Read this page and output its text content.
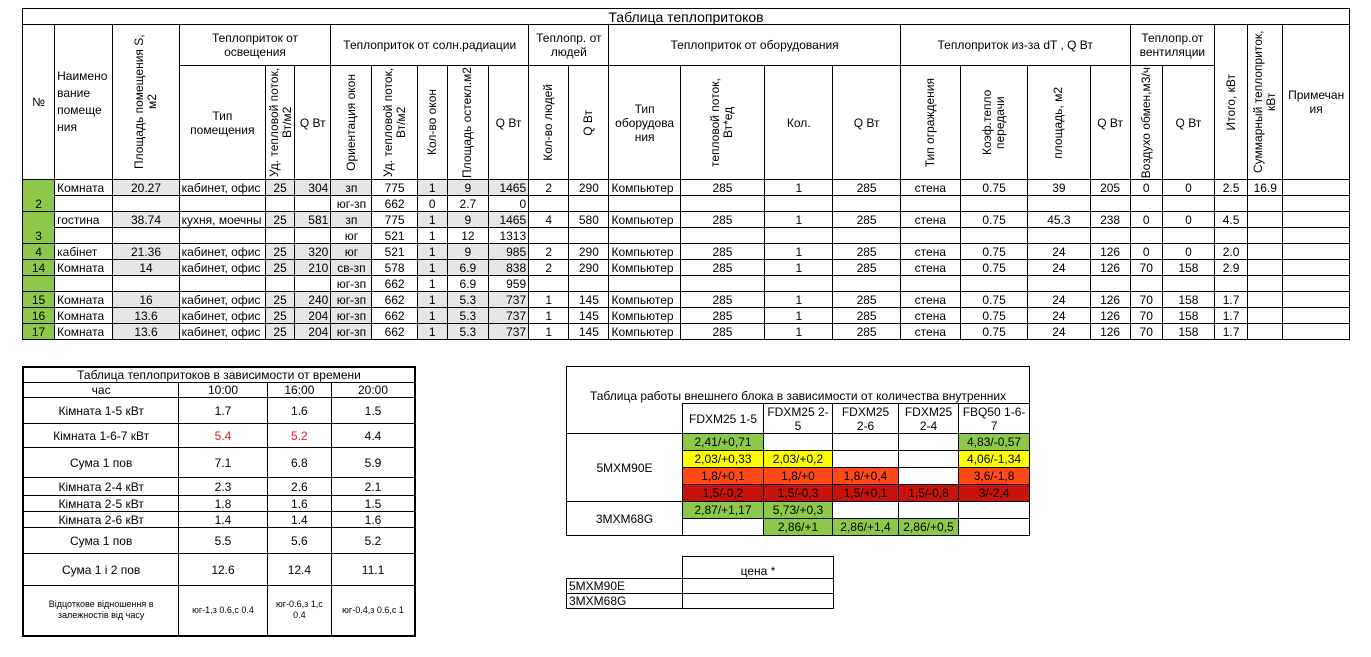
Таблица теплопритоков																									
№	Наимено вание помеще ния	Площадь помещения S, м2	Теплоприток от освещения			Теплоприток от солн.радиации					Теплопр. от людей		Теплоприток от оборудования				Теплоприток из-за dT , Q Вт				Теплопр.от вентиляции		Итого, кВт	Суммарный теплоприток, кВт	Примечан ия
			Тип помещения	Уд. тепловой поток, Вт/м2	Q Вт	Ориентация окон	Уд. тепловой поток, Вт/м2	Кол-во окон	Площадь остекл.м2	Q Вт	Кол-во людей	Q Вт	Тип оборудова ния	тепловой поток, Вт*ед	Кол.	Q Вт	Тип ограждения	Коэф.тепло передачи	площадь, м2	Q Вт	Воздухо обмен,м3/ч	Q Вт			
2	Комната	20.27	кабинет, офис	25	304	зп	775	1	9	1465	2	290	Компьютер	285	1	285	стена	0.75	39	205	0	0	2.5	16.9	
						юг-зп	662	0	2.7	0															
3	гостина	38.74	кухня, моечны	25	581	зп	775	1	9	1465	4	580	Компьютер	285	1	285	стена	0.75	45.3	238	0	0	4.5		
						юг	521	1	12	1313															
4	кабінет	21.36	кабинет, офис	25	320	юг	521	1	9	985	2	290	Компьютер	285	1	285	стена	0.75	24	126	0	0	2.0		
14	Комната	14	кабинет, офис	25	210	св-зп	578	1	6.9	838	2	290	Компьютер	285	1	285	стена	0.75	24	126	70	158	2.9		
						юг-зп	662	1	6.9	959															
15	Комната	16	кабинет, офис	25	240	юг-зп	662	1	5.3	737	1	145	Компьютер	285	1	285	стена	0.75	24	126	70	158	1.7		
16	Комната	13.6	кабинет, офис	25	204	юг-зп	662	1	5.3	737	1	145	Компьютер	285	1	285	стена	0.75	24	126	70	158	1.7		
17	Комната	13.6	кабинет, офис	25	204	юг-зп	662	1	5.3	737	1	145	Компьютер	285	1	285	стена	0.75	24	126	70	158	1.7		
Таблица теплопритоков в зависимости от времени			
час	10:00	16:00	20:00
Кімната 1-5 кВт	1.7	1.6	1.5
Кімната 1-6-7 кВт	5.4	5.2	4.4
Сума 1 пов	7.1	6.8	5.9
Кімната 2-4 кВт	2.3	2.6	2.1
Кімната 2-5 кВт	1.8	1.6	1.5
Кімната 2-6 кВт	1.4	1.4	1.6
Сума 1 пов	5.5	5.6	5.2
Сума 1 і 2 пов	12.6	12.4	11.1
Відцоткове відношення в залежностів від часу	юг-1,з 0.6,с 0.4	юг-0.6,з 1,с 0.4	юг-0.4,з 0.6,с 1
Таблица работы внешнего блока в зависимости от количества внутренних					
	FDXM25 1-5	FDXM25 2-5	FDXM25 2-6	FDXM25 2-4	FBQ50 1-6-7
5MXM90E	2,41/+0,71				4,83/-0,57
	2,03/+0,33	2,03/+0,2			4,06/-1,34
	1,8/+0,1	1,8/+0	1,8/+0,4		3,6/-1,8
	1,5/-0,2	1,5/-0,3	1,5/+0,1	1,5/-0,8	3/-2,4
3MXM68G	2,87/+1,17	5,73/+0,3			
		2,86/+1	2,86/+1,4	2,86/+0,5	
	цена *
5MXM90E	
3MXM68G	
